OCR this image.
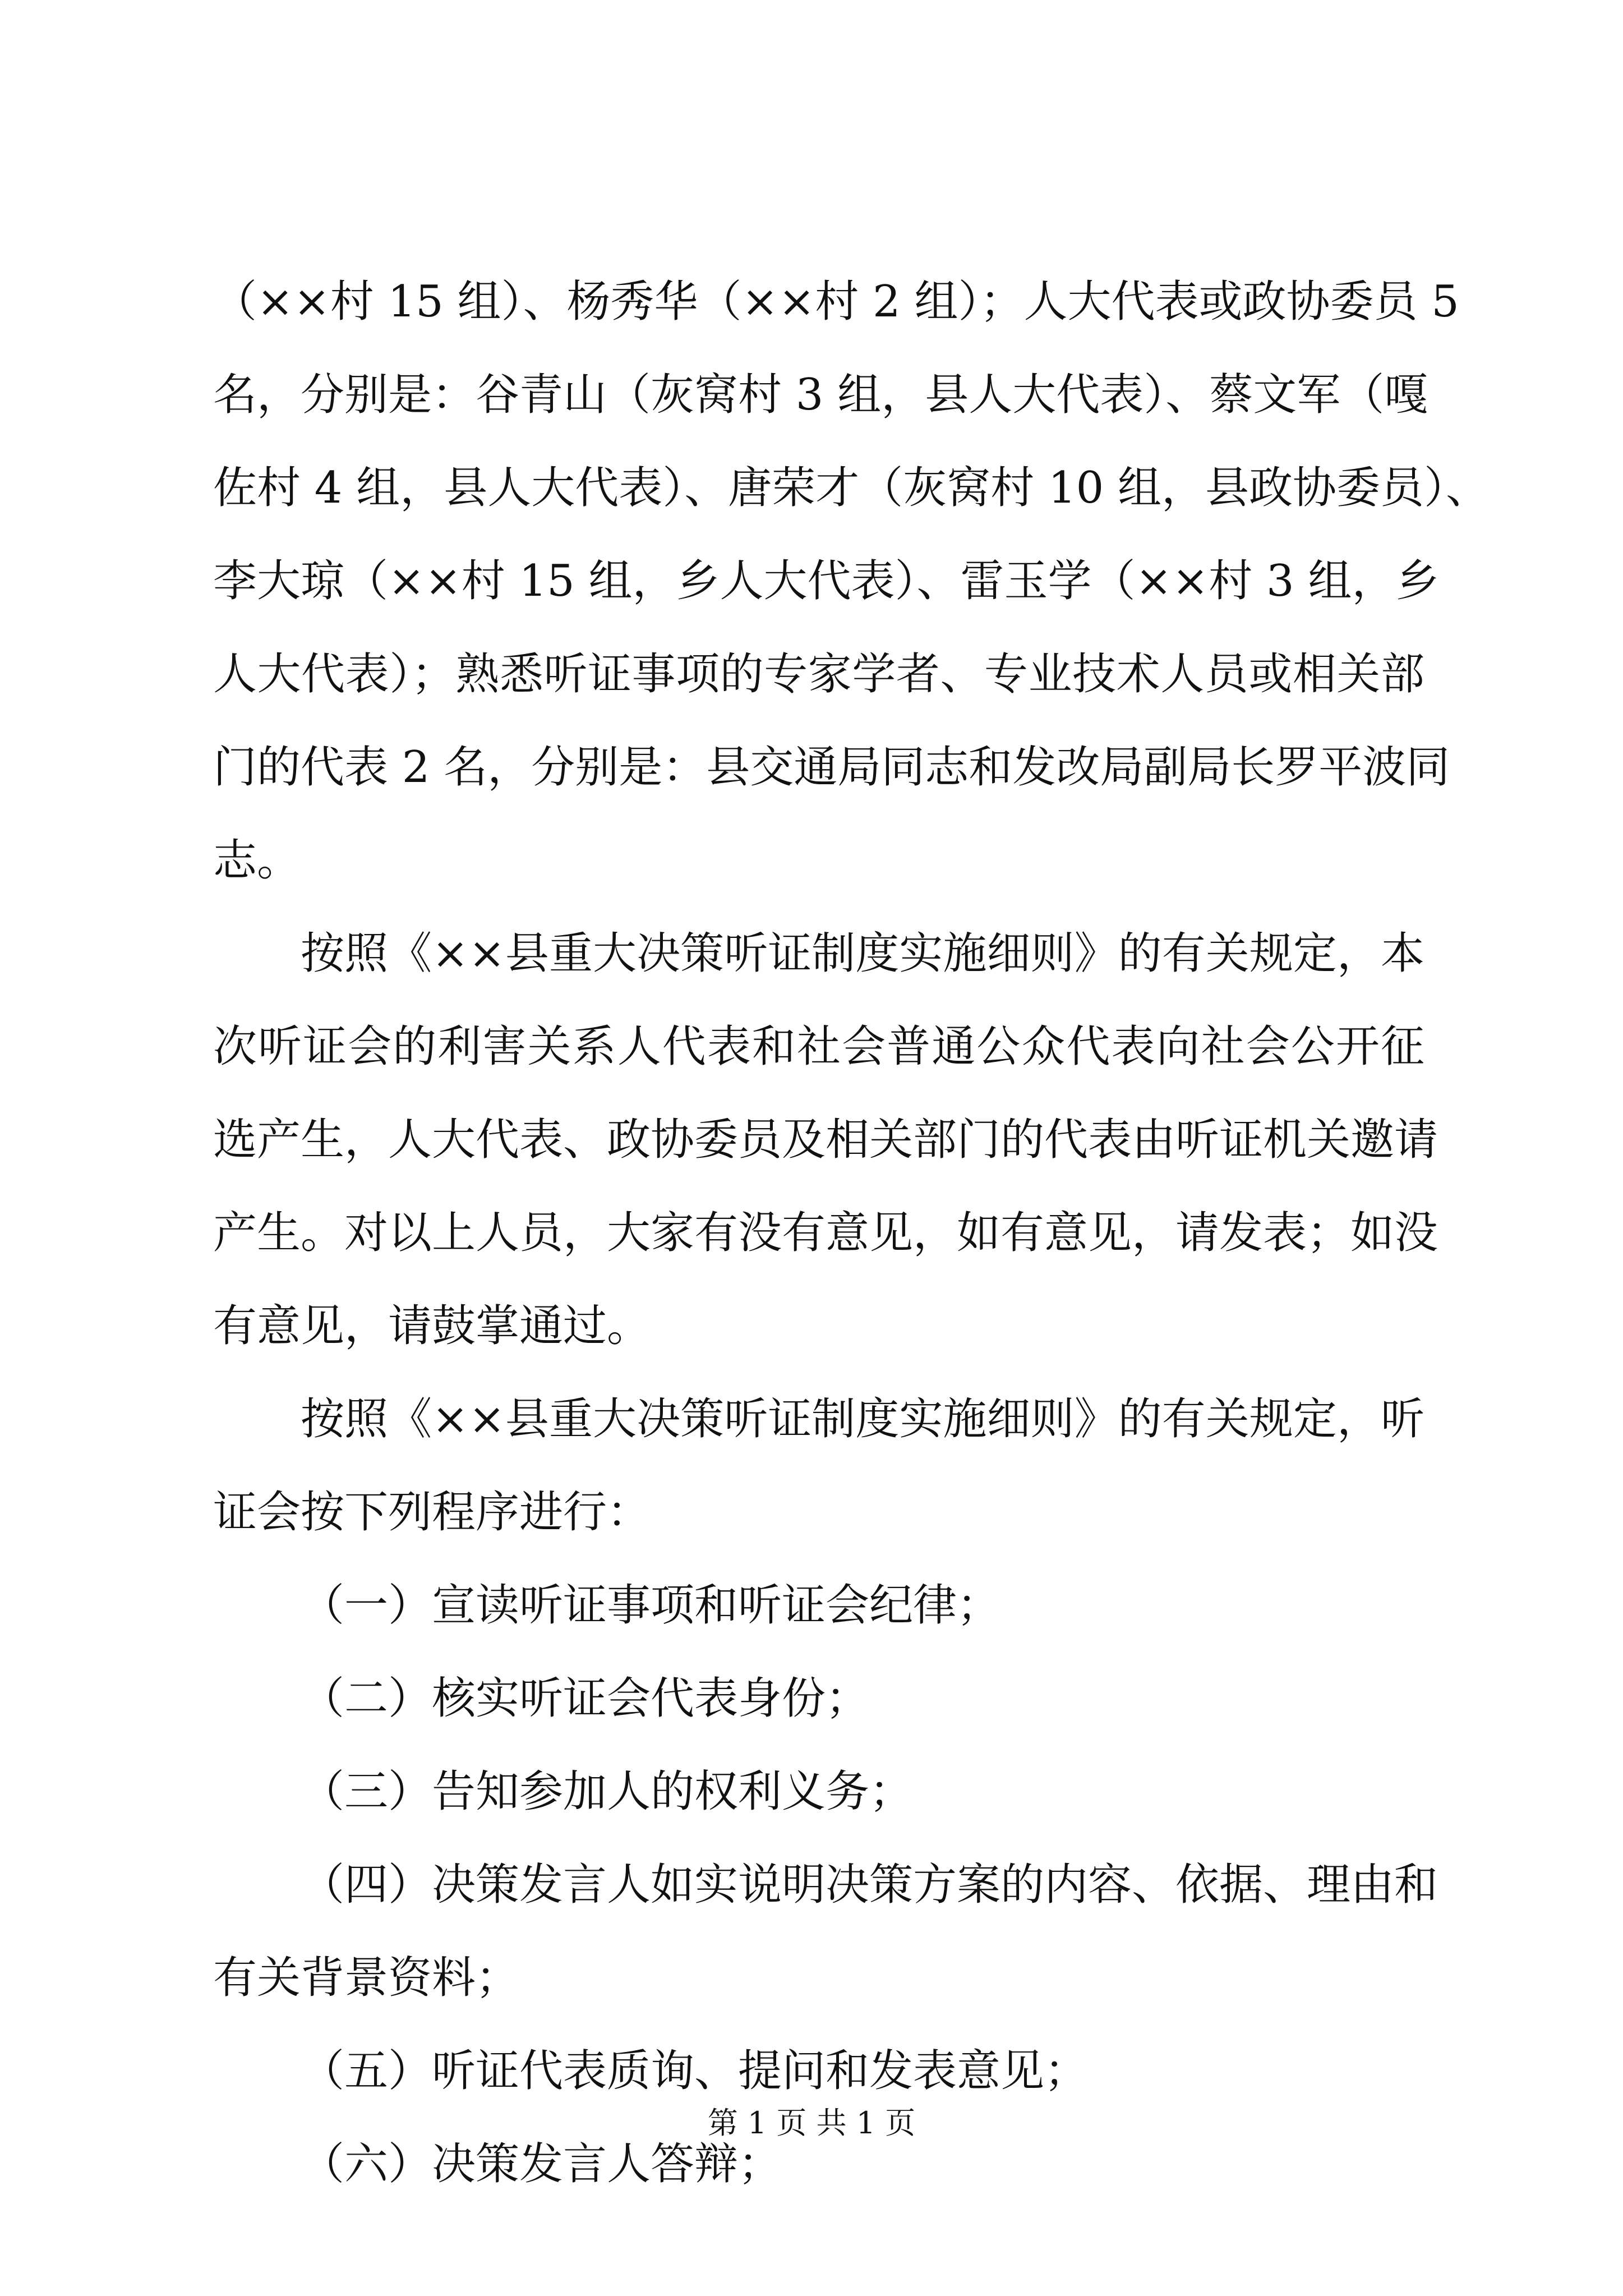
（××村 15 组）、杨秀华（××村 2 组）；人大代表或政协委员 5
名，分别是：谷青山（灰窝村 3 组，县人大代表）、蔡文军（嘎
佐村 4 组，县人大代表）、唐荣才（灰窝村 10 组，县政协委员）、
李大琼（××村 15 组，乡人大代表）、雷玉学（××村 3 组，乡
人大代表）；熟悉听证事项的专家学者、专业技术人员或相关部
门的代表 2 名，分别是：县交通局同志和发改局副局长罗平波同
志。
按照《××县重大决策听证制度实施细则》的有关规定，本
次听证会的利害关系人代表和社会普通公众代表向社会公开征
选产生，人大代表、政协委员及相关部门的代表由听证机关邀请
产生。对以上人员，大家有没有意见，如有意见，请发表；如没
有意见，请鼓掌通过。
按照《××县重大决策听证制度实施细则》的有关规定，听
证会按下列程序进行：
（一）宣读听证事项和听证会纪律；
（二）核实听证会代表身份；
（三）告知参加人的权利义务；
（四）决策发言人如实说明决策方案的内容、依据、理由和
有关背景资料；
（五）听证代表质询、提问和发表意见；
（六）决策发言人答辩；
第 1 页 共 1 页
